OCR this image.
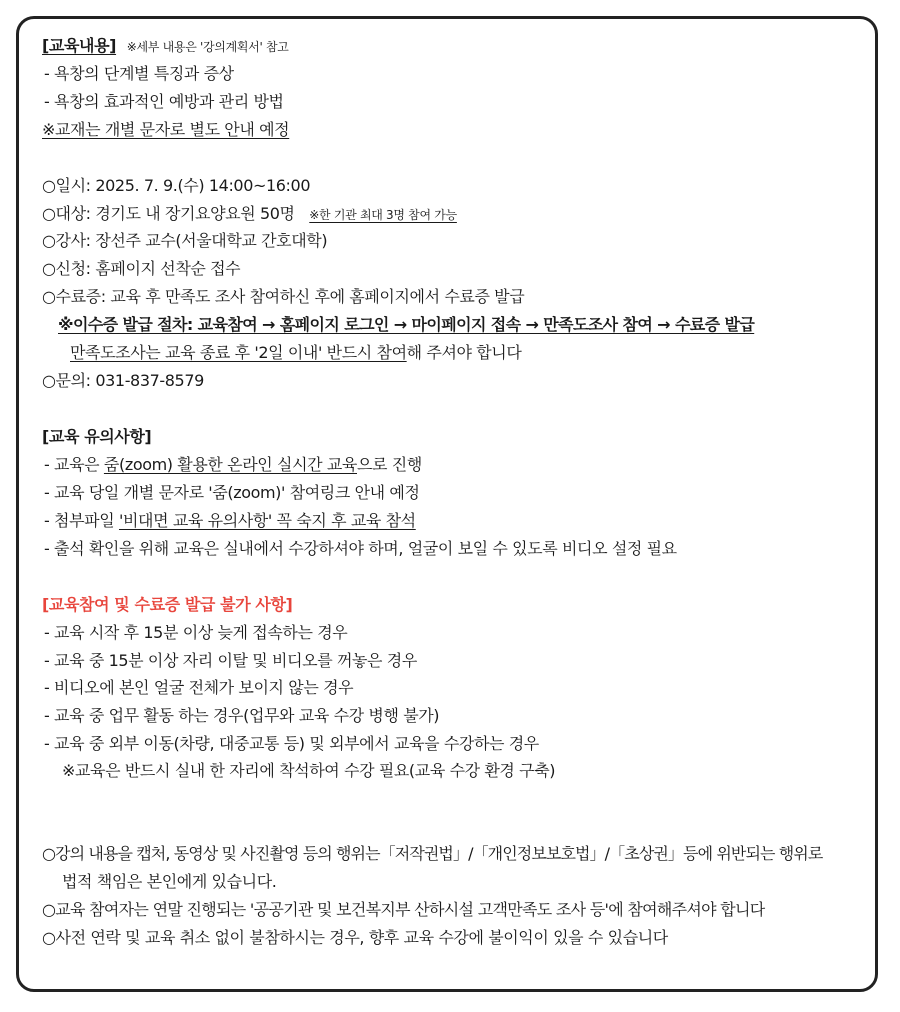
[교육내용] ※세부 내용은 '강의계획서' 참고
- 욕창의 단계별 특징과 증상
- 욕창의 효과적인 예방과 관리 방법
※교재는 개별 문자로 별도 안내 예정
○일시: 2025. 7. 9.(수) 14:00~16:00
○대상: 경기도 내 장기요양요원 50명 ※한 기관 최대 3명 참여 가능
○강사: 장선주 교수(서울대학교 간호대학)
○신청: 홈페이지 선착순 접수
○수료증: 교육 후 만족도 조사 참여하신 후에 홈페이지에서 수료증 발급
※이수증 발급 절차: 교육참여 → 홈페이지 로그인 → 마이페이지 접속 → 만족도조사 참여 → 수료증 발급
만족도조사는 교육 종료 후 '2일 이내' 반드시 참여해 주셔야 합니다
○문의: 031-837-8579
[교육 유의사항]
- 교육은 줌(zoom) 활용한 온라인 실시간 교육으로 진행
- 교육 당일 개별 문자로 '줌(zoom)' 참여링크 안내 예정
- 첨부파일 '비대면 교육 유의사항' 꼭 숙지 후 교육 참석
- 출석 확인을 위해 교육은 실내에서 수강하셔야 하며, 얼굴이 보일 수 있도록 비디오 설정 필요
[교육참여 및 수료증 발급 불가 사항]
- 교육 시작 후 15분 이상 늦게 접속하는 경우
- 교육 중 15분 이상 자리 이탈 및 비디오를 꺼놓은 경우
- 비디오에 본인 얼굴 전체가 보이지 않는 경우
- 교육 중 업무 활동 하는 경우(업무와 교육 수강 병행 불가)
- 교육 중 외부 이동(차량, 대중교통 등) 및 외부에서 교육을 수강하는 경우
※교육은 반드시 실내 한 자리에 착석하여 수강 필요(교육 수강 환경 구축)
○강의 내용을 캡처, 동영상 및 사진촬영 등의 행위는「저작권법」/「개인정보보호법」/「초상권」등에 위반되는 행위로
법적 책임은 본인에게 있습니다.
○교육 참여자는 연말 진행되는 '공공기관 및 보건복지부 산하시설 고객만족도 조사 등'에 참여해주셔야 합니다
○사전 연락 및 교육 취소 없이 불참하시는 경우, 향후 교육 수강에 불이익이 있을 수 있습니다
